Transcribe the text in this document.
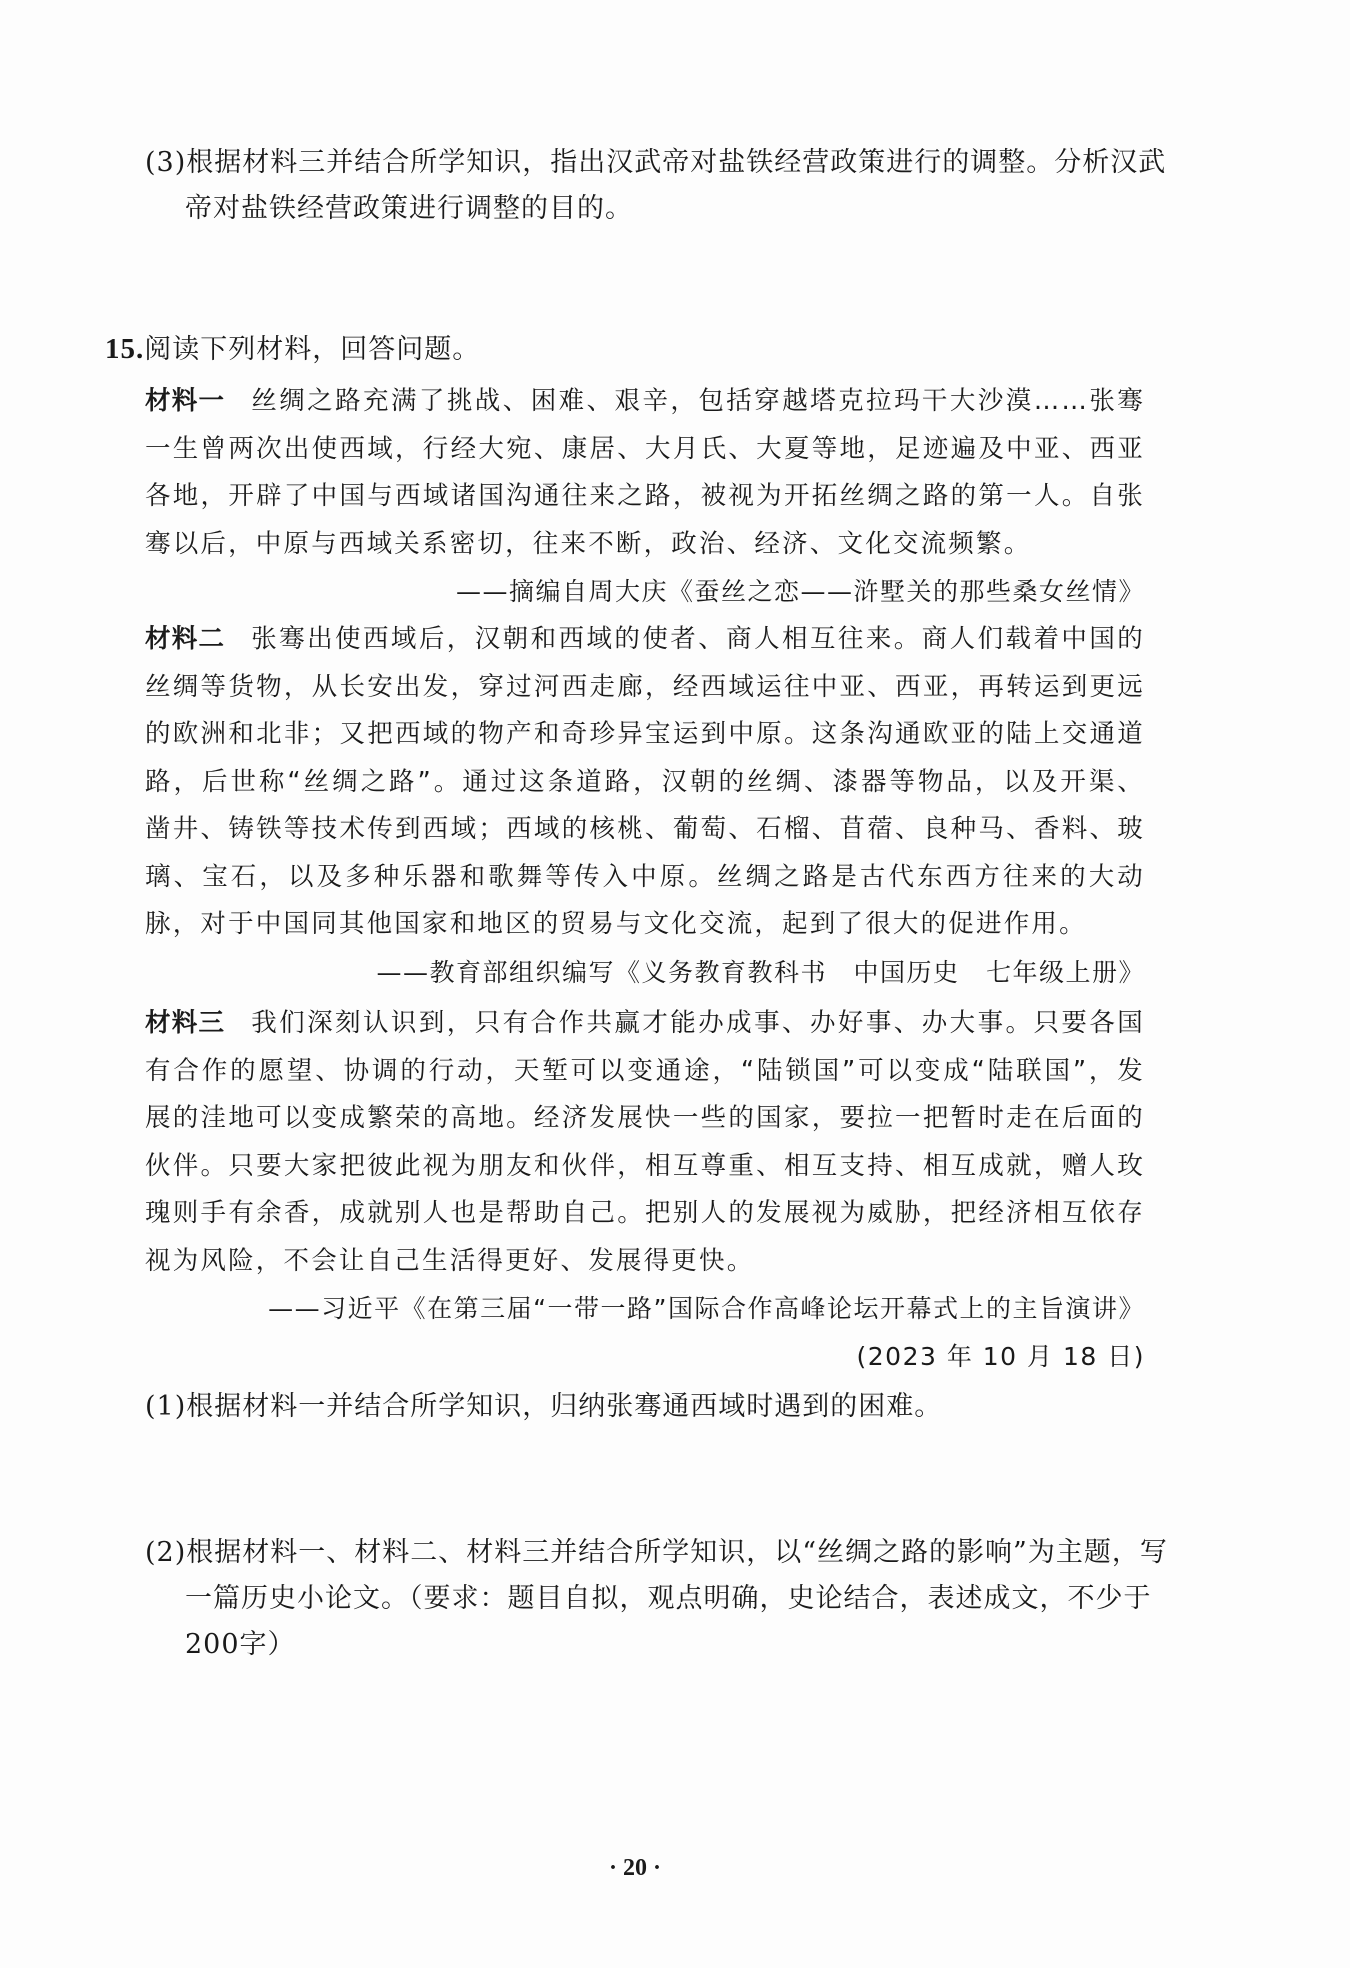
(3)根据材料三并结合所学知识，指出汉武帝对盐铁经营政策进行的调整。分析汉武帝对盐铁经营政策进行调整的目的。
15.阅读下列材料，回答问题。
材料一 丝绸之路充满了挑战、困难、艰辛，包括穿越塔克拉玛干大沙漠……张骞一生曾两次出使西域，行经大宛、康居、大月氏、大夏等地，足迹遍及中亚、西亚各地，开辟了中国与西域诸国沟通往来之路，被视为开拓丝绸之路的第一人。自张骞以后，中原与西域关系密切，往来不断，政治、经济、文化交流频繁。
——摘编自周大庆《蚕丝之恋——浒墅关的那些桑女丝情》
材料二 张骞出使西域后，汉朝和西域的使者、商人相互往来。商人们载着中国的丝绸等货物，从长安出发，穿过河西走廊，经西域运往中亚、西亚，再转运到更远的欧洲和北非；又把西域的物产和奇珍异宝运到中原。这条沟通欧亚的陆上交通道路，后世称“丝绸之路”。通过这条道路，汉朝的丝绸、漆器等物品，以及开渠、凿井、铸铁等技术传到西域；西域的核桃、葡萄、石榴、苜蓿、良种马、香料、玻璃、宝石，以及多种乐器和歌舞等传入中原。丝绸之路是古代东西方往来的大动脉，对于中国同其他国家和地区的贸易与文化交流，起到了很大的促进作用。
——教育部组织编写《义务教育教科书　中国历史　七年级上册》
材料三 我们深刻认识到，只有合作共赢才能办成事、办好事、办大事。只要各国有合作的愿望、协调的行动，天堑可以变通途，“陆锁国”可以变成“陆联国”，发展的洼地可以变成繁荣的高地。经济发展快一些的国家，要拉一把暂时走在后面的伙伴。只要大家把彼此视为朋友和伙伴，相互尊重、相互支持、相互成就，赠人玫瑰则手有余香，成就别人也是帮助自己。把别人的发展视为威胁，把经济相互依存视为风险，不会让自己生活得更好、发展得更快。
——习近平《在第三届“一带一路”国际合作高峰论坛开幕式上的主旨演讲》
(2023 年 10 月 18 日)
(1)根据材料一并结合所学知识，归纳张骞通西域时遇到的困难。
(2)根据材料一、材料二、材料三并结合所学知识，以“丝绸之路的影响”为主题，写一篇历史小论文。（要求：题目自拟，观点明确，史论结合，表述成文，不少于200字）
· 20 ·
